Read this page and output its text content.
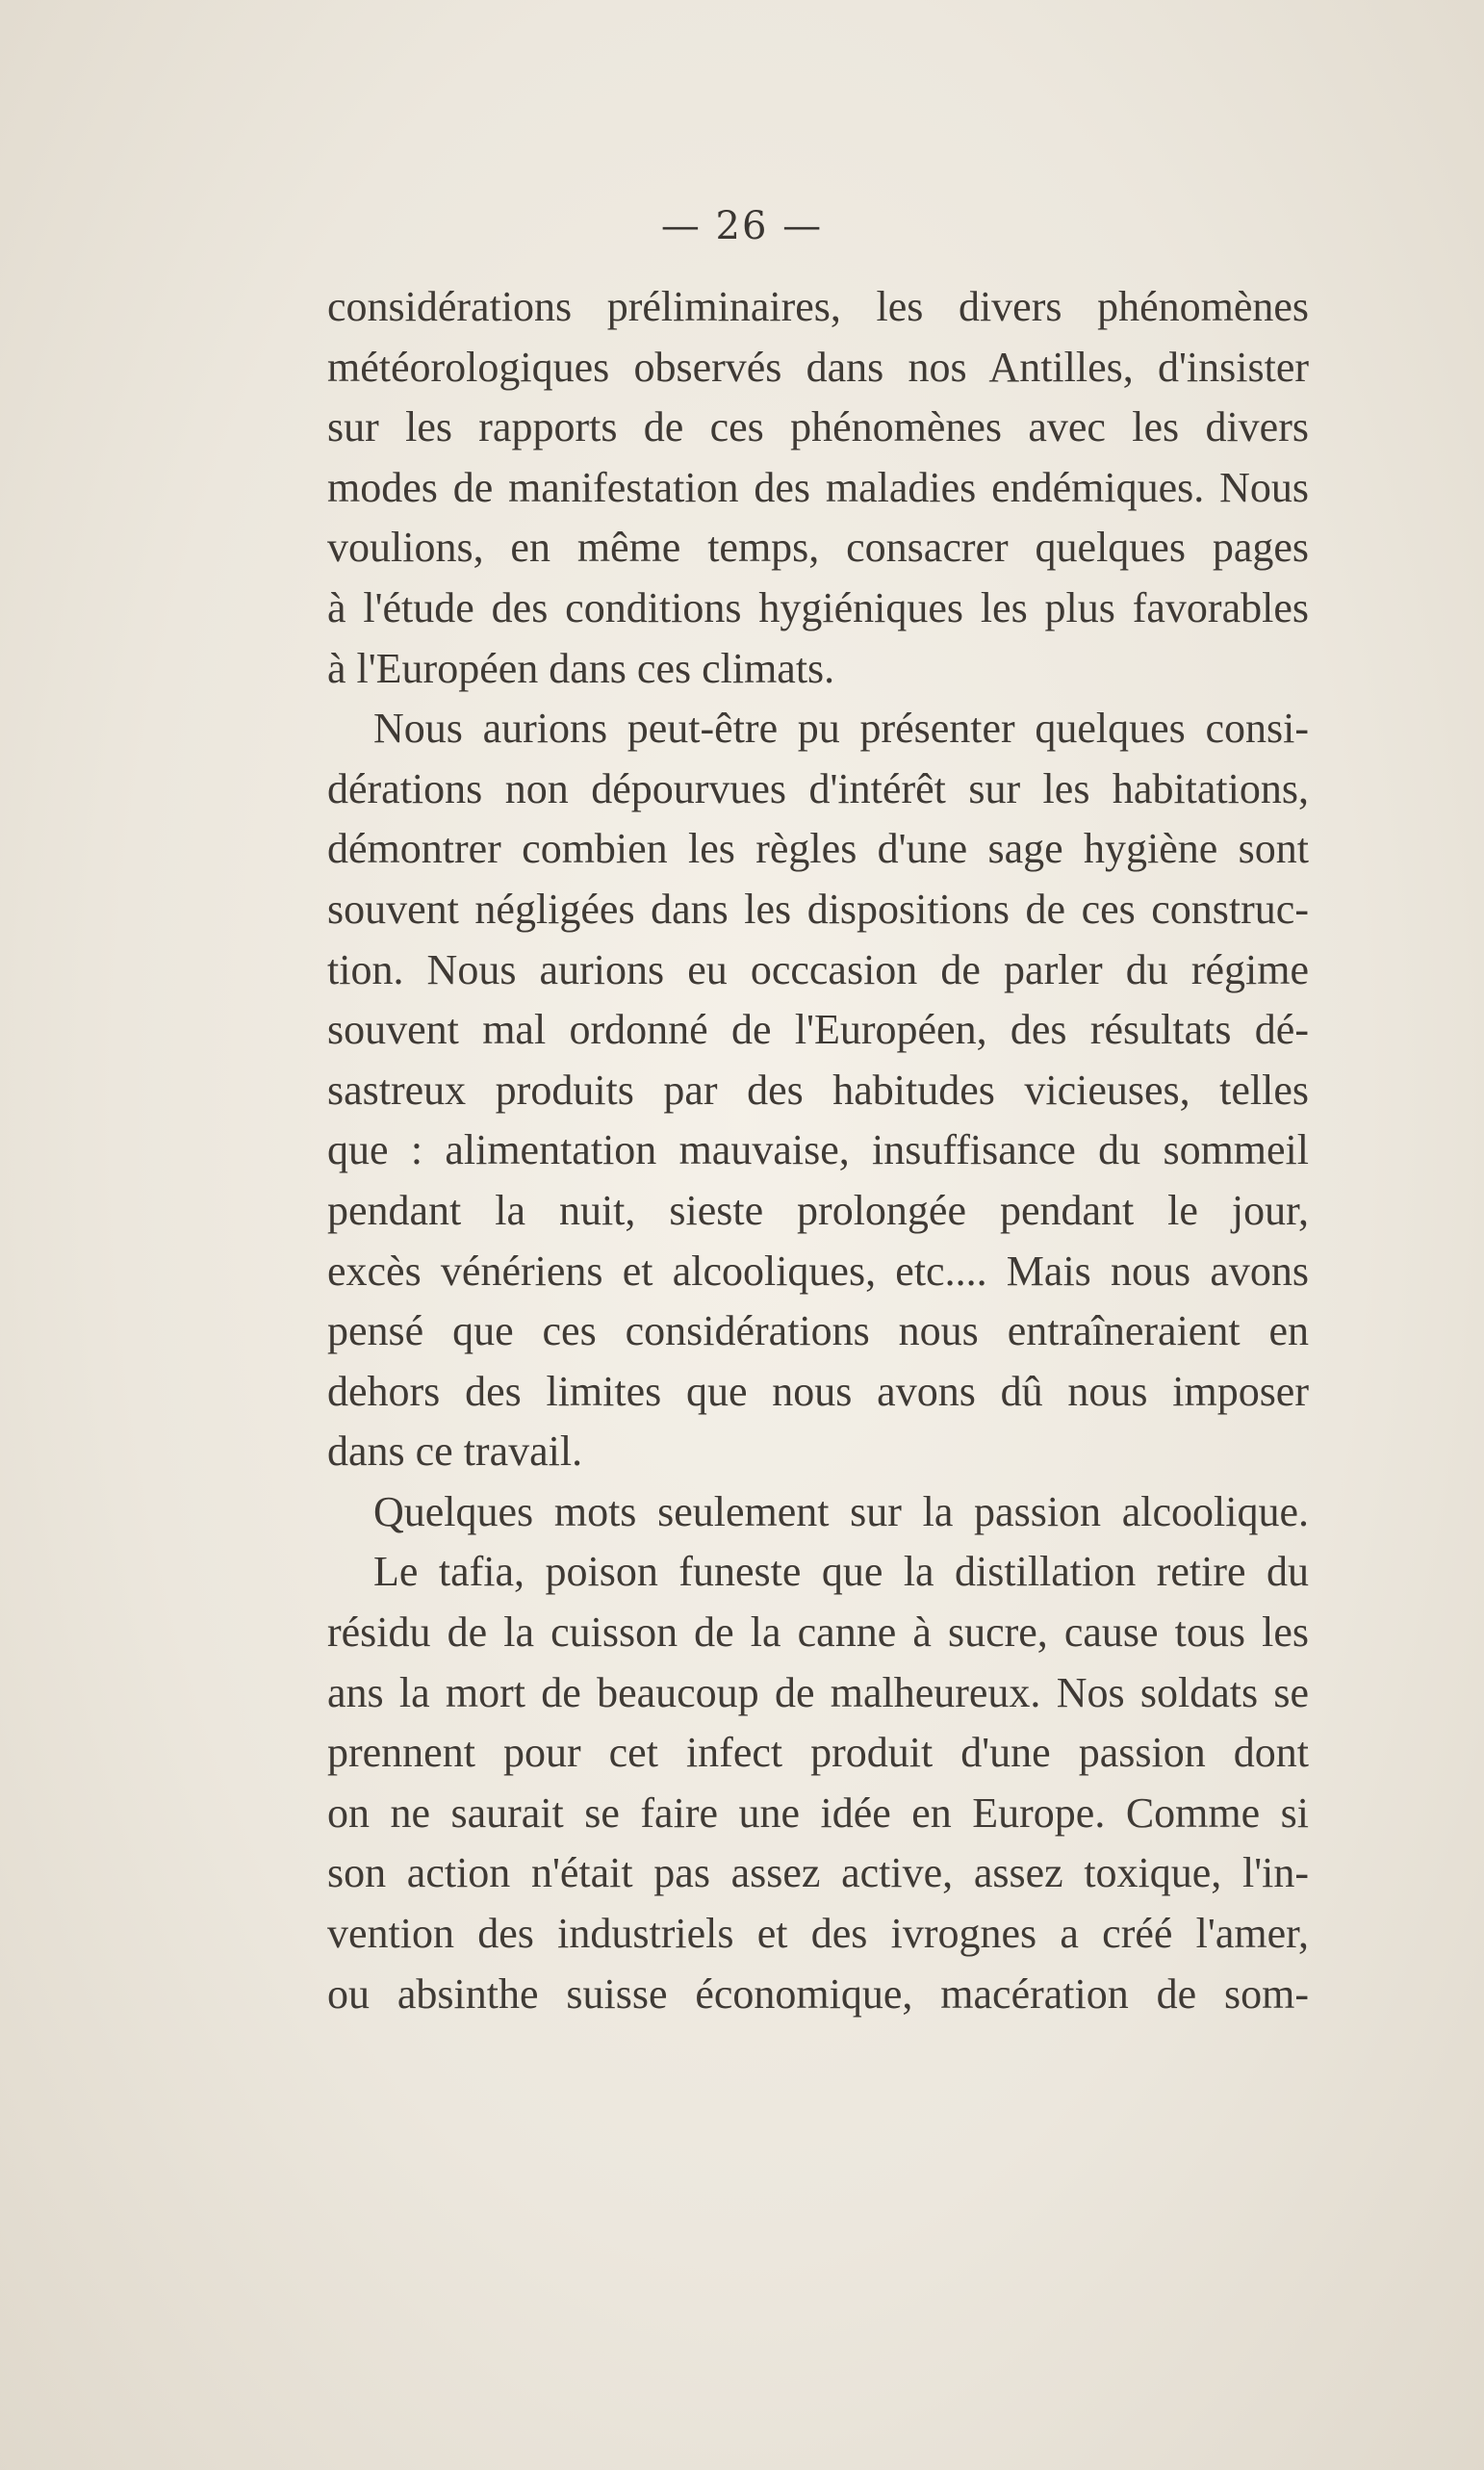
— 26 —
considérations préliminaires, les divers phénomènes
météorologiques observés dans nos Antilles, d'insister
sur les rapports de ces phénomènes avec les divers
modes de manifestation des maladies endémiques. Nous
voulions, en même temps, consacrer quelques pages
à l'étude des conditions hygiéniques les plus favorables
à l'Européen dans ces climats.
Nous aurions peut-être pu présenter quelques consi-
dérations non dépourvues d'intérêt sur les habitations,
démontrer combien les règles d'une sage hygiène sont
souvent négligées dans les dispositions de ces construc-
tion. Nous aurions eu occcasion de parler du régime
souvent mal ordonné de l'Européen, des résultats dé-
sastreux produits par des habitudes vicieuses, telles
que : alimentation mauvaise, insuffisance du sommeil
pendant la nuit, sieste prolongée pendant le jour,
excès vénériens et alcooliques, etc.... Mais nous avons
pensé que ces considérations nous entraîneraient en
dehors des limites que nous avons dû nous imposer
dans ce travail.
Quelques mots seulement sur la passion alcoolique.
Le tafia, poison funeste que la distillation retire du
résidu de la cuisson de la canne à sucre, cause tous les
ans la mort de beaucoup de malheureux. Nos soldats se
prennent pour cet infect produit d'une passion dont
on ne saurait se faire une idée en Europe. Comme si
son action n'était pas assez active, assez toxique, l'in-
vention des industriels et des ivrognes a créé l'amer,
ou absinthe suisse économique, macération de som-
